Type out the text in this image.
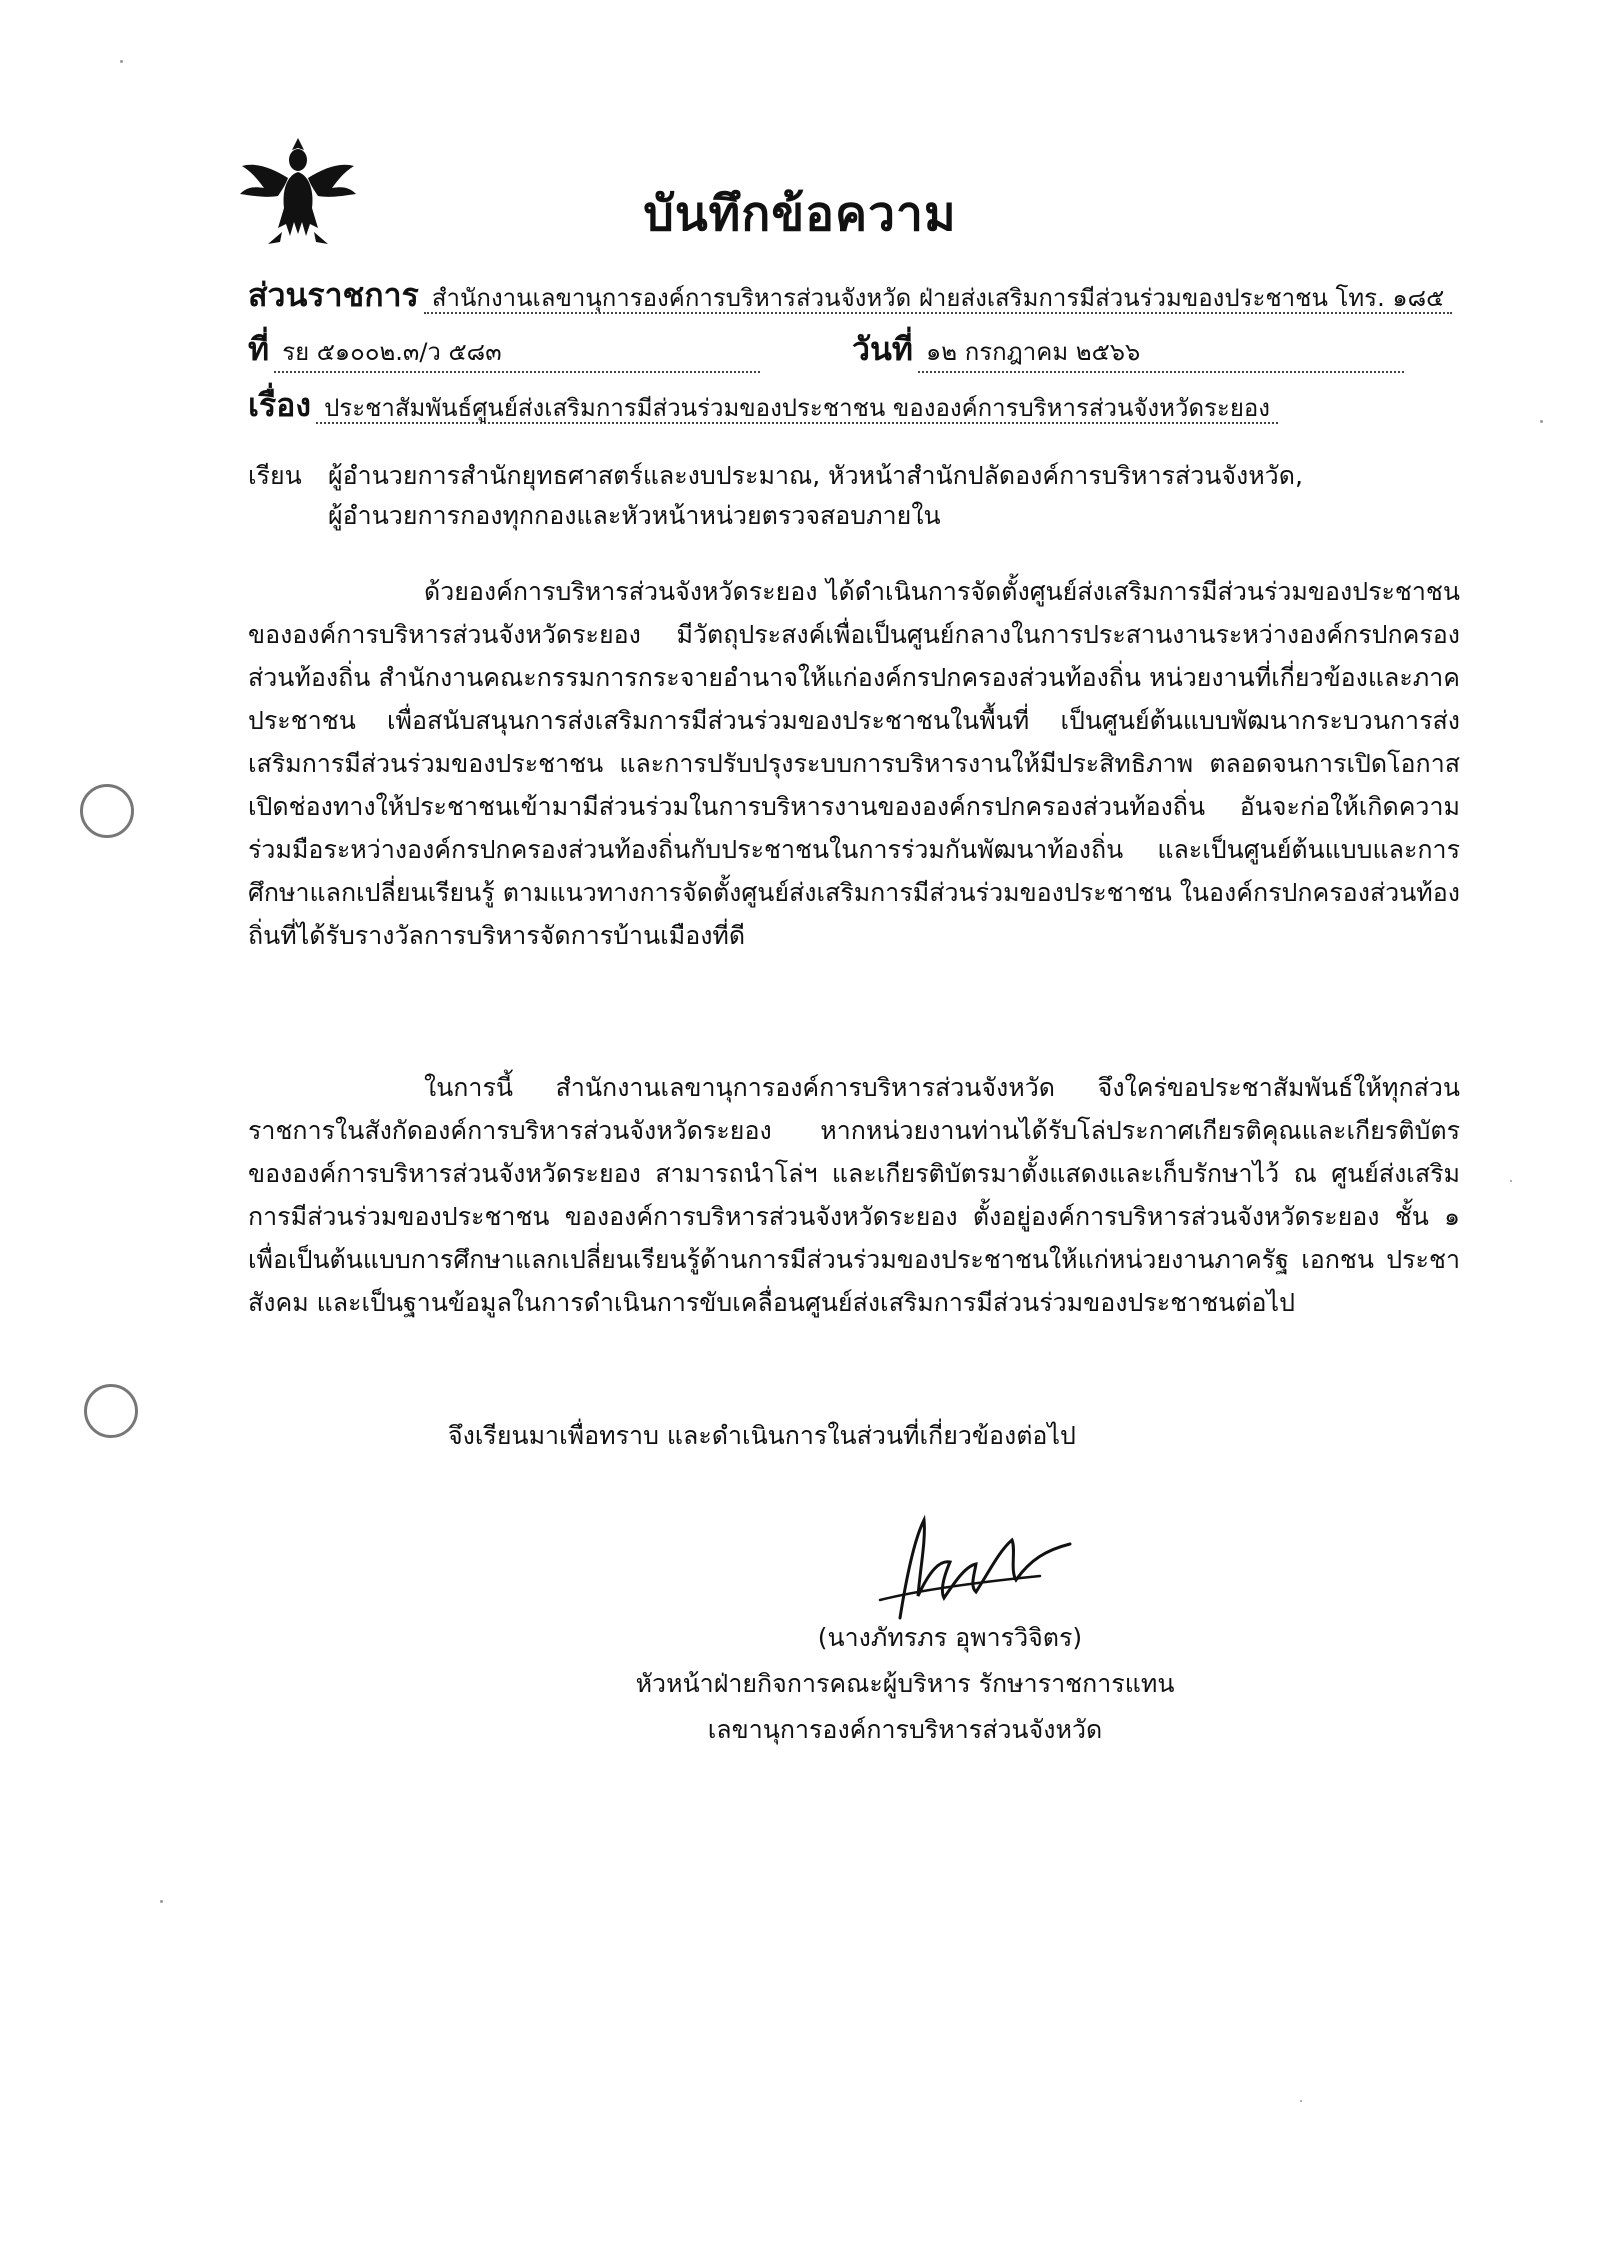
บันทึกข้อความ
ส่วนราชการ สำนักงานเลขานุการองค์การบริหารส่วนจังหวัด ฝ่ายส่งเสริมการมีส่วนร่วมของประชาชน โทร. ๑๘๕
ที่ รย ๕๑๐๐๒.๓/ว ๕๘๓	วันที่ ๑๒ กรกฎาคม ๒๕๖๖
เรื่อง ประชาสัมพันธ์ศูนย์ส่งเสริมการมีส่วนร่วมของประชาชน ขององค์การบริหารส่วนจังหวัดระยอง
เรียน ผู้อำนวยการสำนักยุทธศาสตร์และงบประมาณ, หัวหน้าสำนักปลัดองค์การบริหารส่วนจังหวัด,
ผู้อำนวยการกองทุกกองและหัวหน้าหน่วยตรวจสอบภายใน
ด้วยองค์การบริหารส่วนจังหวัดระยอง ได้ดำเนินการจัดตั้งศูนย์ส่งเสริมการมีส่วนร่วมของประชาชน ขององค์การบริหารส่วนจังหวัดระยอง มีวัตถุประสงค์เพื่อเป็นศูนย์กลางในการประสานงานระหว่างองค์กรปกครองส่วนท้องถิ่น สำนักงานคณะกรรมการกระจายอำนาจให้แก่องค์กรปกครองส่วนท้องถิ่น หน่วยงานที่เกี่ยวข้องและภาคประชาชน เพื่อสนับสนุนการส่งเสริมการมีส่วนร่วมของประชาชนในพื้นที่ เป็นศูนย์ต้นแบบพัฒนากระบวนการส่งเสริมการมีส่วนร่วมของประชาชน และการปรับปรุงระบบการบริหารงานให้มีประสิทธิภาพ ตลอดจนการเปิดโอกาส เปิดช่องทางให้ประชาชนเข้ามามีส่วนร่วมในการบริหารงานขององค์กรปกครองส่วนท้องถิ่น อันจะก่อให้เกิดความร่วมมือระหว่างองค์กรปกครองส่วนท้องถิ่นกับประชาชนในการร่วมกันพัฒนาท้องถิ่น และเป็นศูนย์ต้นแบบและการศึกษาแลกเปลี่ยนเรียนรู้ ตามแนวทางการจัดตั้งศูนย์ส่งเสริมการมีส่วนร่วมของประชาชน ในองค์กรปกครองส่วนท้องถิ่นที่ได้รับรางวัลการบริหารจัดการบ้านเมืองที่ดี
ในการนี้ สำนักงานเลขานุการองค์การบริหารส่วนจังหวัด จึงใคร่ขอประชาสัมพันธ์ให้ทุกส่วนราชการในสังกัดองค์การบริหารส่วนจังหวัดระยอง หากหน่วยงานท่านได้รับโล่ประกาศเกียรติคุณและเกียรติบัตรขององค์การบริหารส่วนจังหวัดระยอง สามารถนำโล่ฯ และเกียรติบัตรมาตั้งแสดงและเก็บรักษาไว้ ณ ศูนย์ส่งเสริมการมีส่วนร่วมของประชาชน ขององค์การบริหารส่วนจังหวัดระยอง ตั้งอยู่องค์การบริหารส่วนจังหวัดระยอง ชั้น ๑ เพื่อเป็นต้นแบบการศึกษาแลกเปลี่ยนเรียนรู้ด้านการมีส่วนร่วมของประชาชนให้แก่หน่วยงานภาครัฐ เอกชน ประชาสังคม และเป็นฐานข้อมูลในการดำเนินการขับเคลื่อนศูนย์ส่งเสริมการมีส่วนร่วมของประชาชนต่อไป
จึงเรียนมาเพื่อทราบ และดำเนินการในส่วนที่เกี่ยวข้องต่อไป
(นางภัทรภร อุพารวิจิตร)
หัวหน้าฝ่ายกิจการคณะผู้บริหาร รักษาราชการแทน
เลขานุการองค์การบริหารส่วนจังหวัด
